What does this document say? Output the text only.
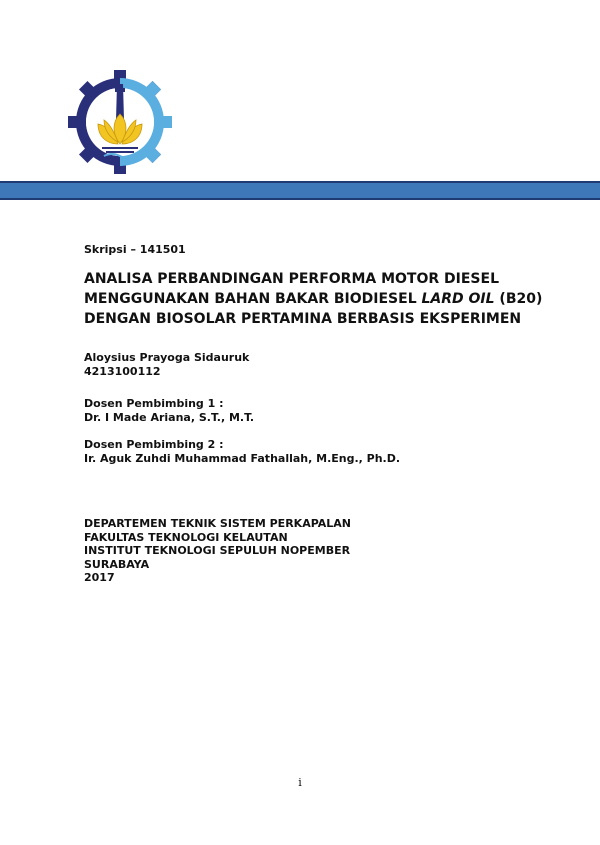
Skripsi – 141501
ANALISA PERBANDINGAN PERFORMA MOTOR DIESEL
MENGGUNAKAN BAHAN BAKAR BIODIESEL LARD OIL (B20)
DENGAN BIOSOLAR PERTAMINA BERBASIS EKSPERIMEN
Aloysius Prayoga Sidauruk
4213100112
Dosen Pembimbing 1 :
Dr. I Made Ariana, S.T., M.T.
Dosen Pembimbing 2 :
Ir. Aguk Zuhdi Muhammad Fathallah, M.Eng., Ph.D.
DEPARTEMEN TEKNIK SISTEM PERKAPALAN
FAKULTAS TEKNOLOGI KELAUTAN
INSTITUT TEKNOLOGI SEPULUH NOPEMBER
SURABAYA
2017
i
